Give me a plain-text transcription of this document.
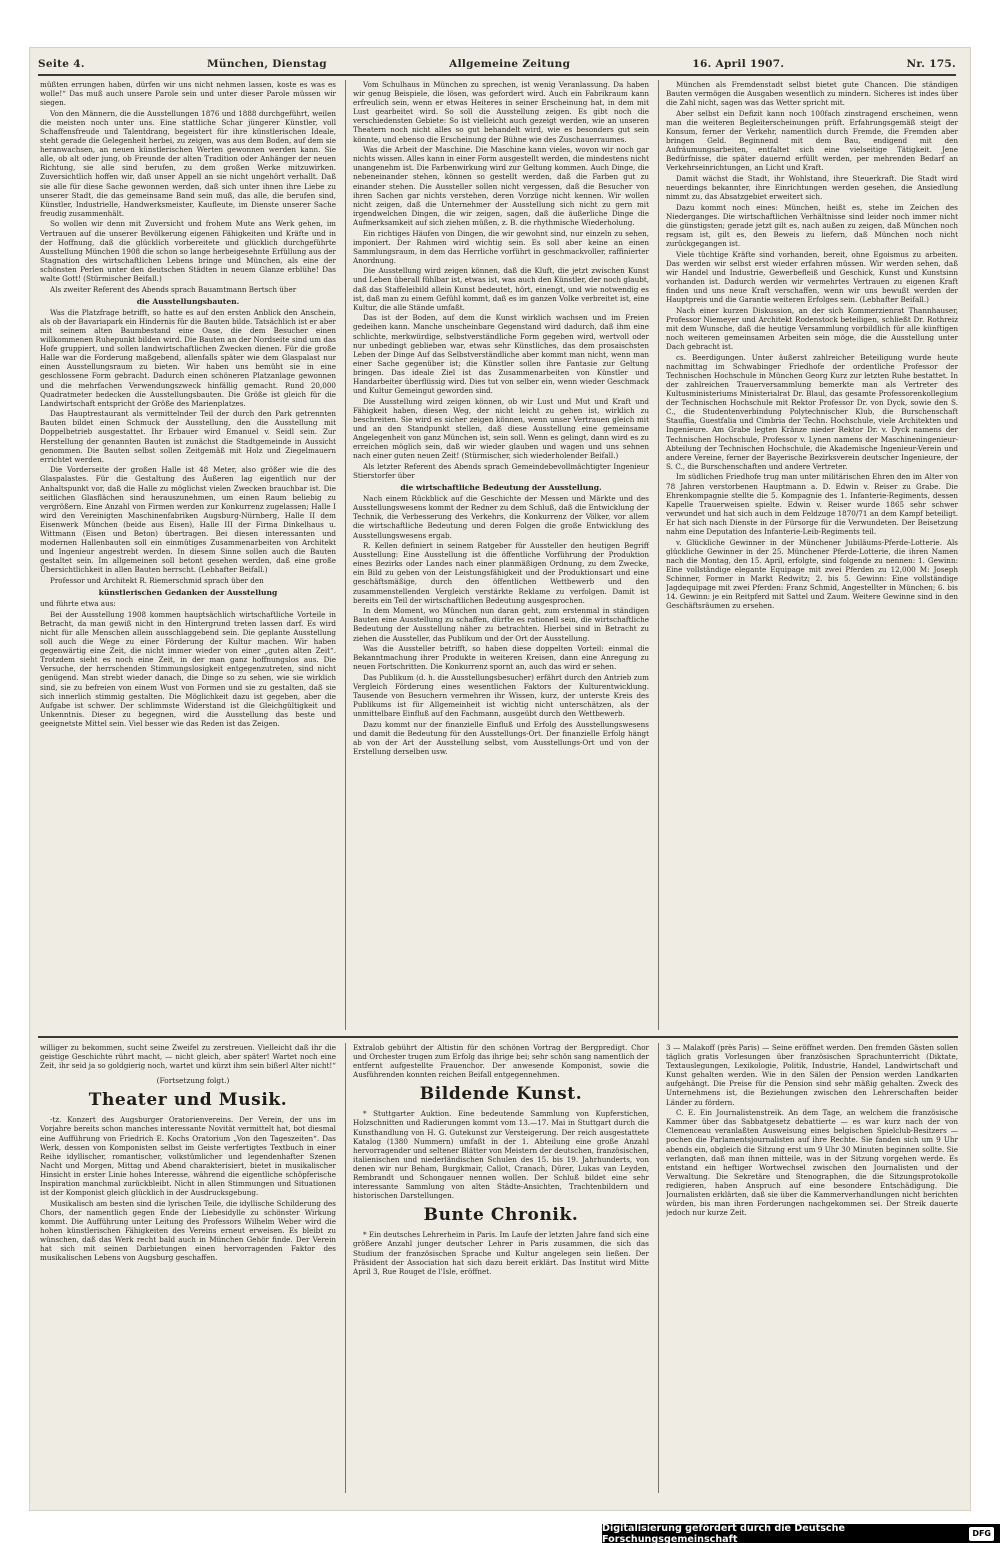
Seite 4.	München, Dienstag	Allgemeine Zeitung	16. April 1907.	Nr. 175.

müßten errungen haben, dürfen wir uns nicht nehmen lassen, koste es was es wolle!“ Das muß auch unsere Parole sein und unter dieser Parole müssen wir siegen.

Von den Männern, die die Ausstellungen 1876 und 1888 durchgeführt, weilen die meisten noch unter uns. Eine stattliche Schar jüngerer Künstler, voll Schaffensfreude und Talentdrang, begeistert für ihre künstlerischen Ideale, steht gerade die Gelegenheit herbei, zu zeigen, was aus dem Boden, auf dem sie heranwachsen, an neuen künstlerischen Werten gewonnen werden kann. Sie alle, ob alt oder jung, ob Freunde der alten Tradition oder Anhänger der neuen Richtung, sie alle sind berufen, zu dem großen Werke mitzuwirken. Zuversichtlich hoffen wir, daß unser Appell an sie nicht ungehört verhallt. Daß sie alle für diese Sache gewonnen werden, daß sich unter ihnen ihre Liebe zu unserer Stadt, die das gemeinsame Band sein muß, das alle, die berufen sind, Künstler, Industrielle, Handwerksmeister, Kaufleute, im Dienste unserer Sache freudig zusammenhält.

So wollen wir denn mit Zuversicht und frohem Mute ans Werk gehen, im Vertrauen auf die unserer Bevölkerung eigenen Fähigkeiten und Kräfte und in der Hoffnung, daß die glücklich vorbereitete und glücklich durchgeführte Ausstellung München 1908 die schon so lange herbeigesehnte Erfüllung aus der Stagnation des wirtschaftlichen Lebens bringe und München, als eine der schönsten Perlen unter den deutschen Städten in neuem Glanze erblühe! Das walte Gott! (Stürmischer Beifall.)

Als zweiter Referent des Abends sprach Bauamtmann Bertsch über

die Ausstellungsbauten.

Was die Platzfrage betrifft, so hatte es auf den ersten Anblick den Anschein, als ob der Bavariapark ein Hindernis für die Bauten bilde. Tatsächlich ist er aber mit seinem alten Baumbestand eine Oase, die dem Besucher einen willkommenen Ruhepunkt bilden wird. Die Bauten an der Nordseite sind um das Hofe gruppiert, und sollen landwirtschaftlichen Zwecken dienen. Für die große Halle war die Forderung maßgebend, allenfalls später wie dem Glaspalast nur einen Ausstellungsraum zu bieten. Wir haben uns bemüht sie in eine geschlossene Form gebracht. Dadurch einen schöneren Platzanlage gewonnen und die mehrfachen Verwendungszweck hinfällig gemacht. Rund 20,000 Quadratmeter bedecken die Ausstellungsbauten. Die Größe ist gleich für die Landwirtschaft entspricht der Größe des Marienplatzes.

Das Hauptrestaurant als vermittelnder Teil der durch den Park getrennten Bauten bildet einen Schmuck der Ausstellung, den die Ausstellung mit Doppelbetrieb ausgestattet. Ihr Erbauer wird Emanuel v. Seidl sein. Zur Herstellung der genannten Bauten ist zunächst die Stadtgemeinde in Aussicht genommen. Die Bauten selbst sollen Zeitgemäß mit Holz und Ziegelmauern errichtet werden.

Die Vorderseite der großen Halle ist 48 Meter, also größer wie die des Glaspalastes. Für die Gestaltung des Äußeren lag eigentlich nur der Anhaltspunkt vor, daß die Halle zu möglichst vielen Zwecken brauchbar ist. Die seitlichen Glasflächen sind herauszunehmen, um einen Raum beliebig zu vergrößern. Eine Anzahl von Firmen werden zur Konkurrenz zugelassen; Halle I wird den Vereinigten Maschinenfabriken Augsburg-Nürnberg, Halle II dem Eisenwerk München (beide aus Eisen), Halle III der Firma Dinkelhaus u. Wittmann (Eisen und Beton) übertragen. Bei diesen interessanten und modernen Hallenbauten soll ein einmütiges Zusammenarbeiten von Architekt und Ingenieur angestrebt werden. In diesem Sinne sollen auch die Bauten gestaltet sein. Im allgemeinen soll betont gesehen werden, daß eine große Übersichtlichkeit in allen Bauten herrscht. (Lebhafter Beifall.)

Professor und Architekt R. Riemerschmid sprach über den

künstlerischen Gedanken der Ausstellung

und führte etwa aus:

Bei der Ausstellung 1908 kommen hauptsächlich wirtschaftliche Vorteile in Betracht, da man gewiß nicht in den Hintergrund treten lassen darf. Es wird nicht für alle Menschen allein ausschlaggebend sein. Die geplante Ausstellung soll auch die Wege zu einer Förderung der Kultur machen. Wir haben gegenwärtig eine Zeit, die nicht immer wieder von einer „guten alten Zeit“. Trotzdem sieht es noch eine Zeit, in der man ganz hoffnungslos aus. Die Versuche, der herrschenden Stimmungslosigkeit entgegenzutreten, sind nicht genügend. Man strebt wieder danach, die Dinge so zu sehen, wie sie wirklich sind, sie zu befreien von einem Wust von Formen und sie zu gestalten, daß sie sich innerlich stimmig gestalten. Die Möglichkeit dazu ist gegeben, aber die Aufgabe ist schwer. Der schlimmste Widerstand ist die Gleichgültigkeit und Unkenntnis. Dieser zu begegnen, wird die Ausstellung das beste und geeignetste Mittel sein. Viel besser wie das Reden ist das Zeigen.

Vom Schulhaus in München zu sprechen, ist wenig Veranlassung. Da haben wir genug Beispiele, die lösen, was gefordert wird. Auch ein Fabrikraum kann erfreulich sein, wenn er etwas Heiteres in seiner Erscheinung hat, in dem mit Lust gearbeitet wird. So soll die Ausstellung zeigen. Es gibt noch die verschiedensten Gebiete: So ist vielleicht auch gezeigt werden, wie an unseren Theatern noch nicht alles so gut behandelt wird, wie es besonders gut sein könnte, und ebenso die Erscheinung der Bühne wie des Zuschauerraumes.

Was die Arbeit der Maschine. Die Maschine kann vieles, wovon wir noch gar nichts wissen. Alles kann in einer Form ausgestellt werden, die mindestens nicht unangenehm ist. Die Farbenwirkung wird zur Geltung kommen. Auch Dinge, die nebeneinander stehen, können so gestellt werden, daß die Farben gut zu einander stehen. Die Aussteller sollen nicht vergessen, daß die Besucher von ihren Sachen gar nichts verstehen, deren Vorzüge nicht kennen. Wir wollen nicht zeigen, daß die Unternehmer der Ausstellung sich nicht zu gern mit irgendwelchen Dingen, die wir zeigen, sagen, daß die äußerliche Dinge die Aufmerksamkeit auf sich ziehen müßen, z. B. die rhythmische Wiederholung.

Ein richtiges Häufen von Dingen, die wir gewohnt sind, nur einzeln zu sehen, imponiert. Der Rahmen wird wichtig sein. Es soll aber keine an einen Sammlungsraum, in dem das Herrliche vorführt in geschmackvoller, raffinierter Anordnung.

Die Ausstellung wird zeigen können, daß die Kluft, die jetzt zwischen Kunst und Leben überall fühlbar ist, etwas ist, was auch den Künstler, der noch glaubt, daß das Staffeleibild allein Kunst bedeutet, hört, einengt, und wie notwendig es ist, daß man zu einem Gefühl kommt, daß es im ganzen Volke verbreitet ist, eine Kultur, die alle Stände umfaßt.

Das ist der Boden, auf dem die Kunst wirklich wachsen und im Freien gedeihen kann. Manche unscheinbare Gegenstand wird dadurch, daß ihm eine schlichte, merkwürdige, selbstverständliche Form gegeben wird, wertvoll oder nur unbedingt geblieben war, etwas sehr Künstliches, das dem prosaischsten Leben der Dinge Auf das Selbstverständliche aber kommt man nicht, wenn man einer Sache gegenüber ist; die Künstler sollen ihre Fantasie zur Geltung bringen. Das ideale Ziel ist das Zusammenarbeiten von Künstler und Handarbeiter überflüssig wird. Dies tut von selber ein, wenn wieder Geschmack und Kultur Gemeingut geworden sind.

Die Ausstellung wird zeigen können, ob wir Lust und Mut und Kraft und Fähigkeit haben, diesen Weg, der nicht leicht zu gehen ist, wirklich zu beschreiten. Sie wird es sicher zeigen können, wenn unser Vertrauen gleich mit und an den Standpunkt stellen, daß diese Ausstellung eine gemeinsame Angelegenheit von ganz München ist, sein soll. Wenn es gelingt, dann wird es zu erreichen möglich sein, daß wir wieder glauben und wagen und uns sehnen nach einer guten neuen Zeit! (Stürmischer, sich wiederholender Beifall.)

Als letzter Referent des Abends sprach Gemeindebevollmächtigter Ingenieur Stierstorfer über

die wirtschaftliche Bedeutung der Ausstellung.

Nach einem Rückblick auf die Geschichte der Messen und Märkte und des Ausstellungswesens kommt der Redner zu dem Schluß, daß die Entwicklung der Technik, die Verbesserung des Verkehrs, die Konkurrenz der Völker, vor allem die wirtschaftliche Bedeutung und deren Folgen die große Entwicklung des Ausstellungswesens ergab.

R. Kellen definiert in seinem Ratgeber für Aussteller den heutigen Begriff Ausstellung: Eine Ausstellung ist die öffentliche Vorführung der Produktion eines Bezirks oder Landes nach einer planmäßigen Ordnung, zu dem Zwecke, ein Bild zu geben von der Leistungsfähigkeit und der Produktionsart und eine geschäftsmäßige, durch den öffentlichen Wettbewerb und den zusammenstellenden Vergleich verstärkte Reklame zu verfolgen. Damit ist bereits ein Teil der wirtschaftlichen Bedeutung ausgesprochen.

In dem Moment, wo München nun daran geht, zum erstenmal in ständigen Bauten eine Ausstellung zu schaffen, dürfte es rationell sein, die wirtschaftliche Bedeutung der Ausstellung näher zu betrachten. Hierbei sind in Betracht zu ziehen die Aussteller, das Publikum und der Ort der Ausstellung.

Was die Aussteller betrifft, so haben diese doppelten Vorteil: einmal die Bekanntmachung ihrer Produkte in weiteren Kreisen, dann eine Anregung zu neuen Fortschritten. Die Konkurrenz spornt an, auch das wird er sehen.

Das Publikum (d. h. die Ausstellungsbesucher) erfährt durch den Antrieb zum Vergleich Förderung eines wesentlichen Faktors der Kulturentwicklung. Tausende von Besuchern vermehren ihr Wissen, kurz, der unterste Kreis des Publikums ist für Allgemeinheit ist wichtig nicht unterschätzen, als der unmittelbare Einfluß auf den Fachmann, ausgeübt durch den Wettbewerb.

Dazu kommt nur der finanzielle Einfluß und Erfolg des Ausstellungswesens und damit die Bedeutung für den Ausstellungs-Ort. Der finanzielle Erfolg hängt ab von der Art der Ausstellung selbst, vom Ausstellungs-Ort und von der Erstellung derselben usw.

München als Fremdenstadt selbst bietet gute Chancen. Die ständigen Bauten vermögen die Ausgaben wesentlich zu mindern. Sicheres ist indes über die Zahl nicht, sagen was das Wetter spricht mit.

Aber selbst ein Defizit kann noch 100fach zinstragend erscheinen, wenn man die weiteren Begleiterscheinungen prüft. Erfahrungsgemäß steigt der Konsum, ferner der Verkehr, namentlich durch Fremde, die Fremden aber bringen Geld. Beginnend mit dem Bau, endigend mit den Aufräumungsarbeiten, entfaltet sich eine vielseitige Tätigkeit. Jene Bedürfnisse, die später dauernd erfüllt werden, per mehrenden Bedarf an Verkehrseinrichtungen, an Licht und Kraft.

Damit wächst die Stadt, ihr Wohlstand, ihre Steuerkraft. Die Stadt wird neuerdings bekannter, ihre Einrichtungen werden gesehen, die Ansiedlung nimmt zu, das Absatzgebiet erweitert sich.

Dazu kommt noch eines: München, heißt es, stehe im Zeichen des Niederganges. Die wirtschaftlichen Verhältnisse sind leider noch immer nicht die günstigsten; gerade jetzt gilt es, nach außen zu zeigen, daß München noch regsam ist, gilt es, den Beweis zu liefern, daß München noch nicht zurückgegangen ist.

Viele tüchtige Kräfte sind vorhanden, bereit, ohne Egoismus zu arbeiten. Das werden wir selbst erst wieder erfahren müssen. Wir werden sehen, daß wir Handel und Industrie, Gewerbefleiß und Geschick, Kunst und Kunstsinn vorhanden ist. Dadurch werden wir vermehrtes Vertrauen zu eigenen Kraft finden und uns neue Kraft verschaffen, wenn wir uns bewußt werden der Hauptpreis und die Garantie weiteren Erfolges sein. (Lebhafter Beifall.)

Nach einer kurzen Diskussion, an der sich Kommerzienrat Thannhauser, Professor Niemeyer und Architekt Rodenstock beteiligen, schließt Dr. Rothreiz mit dem Wunsche, daß die heutige Versammlung vorbildlich für alle künftigen noch weiteren gemeinsamen Arbeiten sein möge, die die Ausstellung unter Dach gebracht ist.

cs. Beerdigungen. Unter äußerst zahlreicher Beteiligung wurde heute nachmittag im Schwabinger Friedhofe der ordentliche Professor der Technischen Hochschule in München Georg Kurz zur letzten Ruhe bestattet. In der zahlreichen Trauerversammlung bemerkte man als Vertreter des Kultusministeriums Ministerialrat Dr. Blaul, das gesamte Professorenkollegium der Technischen Hochschule mit Rektor Professor Dr. von Dyck, sowie den S. C., die Studentenverbindung Polytechnischer Klub, die Burschenschaft Stauffia, Guestfalia und Cimbria der Techn. Hochschule, viele Architekten und Ingenieure. Am Grabe legten Kränze nieder Rektor Dr. v. Dyck namens der Technischen Hochschule, Professor v. Lynen namens der Maschineningenieur-Abteilung der Technischen Hochschule, die Akademische Ingenieur-Verein und andere Vereine, ferner der Bayerische Bezirksverein deutscher Ingenieure, der S. C., die Burschenschaften und andere Vertreter.

Im südlichen Friedhofe trug man unter militärischen Ehren den im Alter von 78 Jahren verstorbenen Hauptmann a. D. Edwin v. Reiser zu Grabe. Die Ehrenkompagnie stellte die 5. Kompagnie des 1. Infanterie-Regiments, dessen Kapelle Trauerweisen spielte. Edwin v. Reiser wurde 1865 sehr schwer verwundet und hat sich auch in dem Feldzuge 1870/71 an dem Kampf beteiligt. Er hat sich nach Dienste in der Fürsorge für die Verwundeten. Der Beisetzung nahm eine Deputation des Infanterie-Leib-Regiments teil.

v. Glückliche Gewinner in der Münchener Jubiläums-Pferde-Lotterie. Als glückliche Gewinner in der 25. Münchener Pferde-Lotterie, die ihren Namen nach die Montag, den 15. April, erfolgte, sind folgende zu nennen: 1. Gewinn: Eine vollständige elegante Equipage mit zwei Pferden zu 12,000 M: Joseph Schinner, Former in Markt Redwitz; 2. bis 5. Gewinn: Eine vollständige Jagdequipage mit zwei Pferden: Franz Schmid, Angestellter in München; 6. bis 14. Gewinn: je ein Reitpferd mit Sattel und Zaum. Weitere Gewinne sind in den Geschäftsräumen zu ersehen.

williger zu bekommen, sucht seine Zweifel zu zerstreuen. Vielleicht daß ihr die geistige Geschichte rührt macht, — nicht gleich, aber später! Wartet noch eine Zeit, ihr seid ja so goldgierig noch, wartet und kürzt ihm sein bißerl Alter nicht!“

(Fortsetzung folgt.)

Theater und Musik.

-tz. Konzert des Augsburger Oratorienvereins. Der Verein, der uns im Vorjahre bereits schon manches interessante Novität vermittelt hat, bot diesmal eine Aufführung von Friedrich E. Kochs Oratorium „Von den Tageszeiten“. Das Werk, dessen von Komponisten selbst im Geiste verfertigtes Textbuch in einer Reihe idyllischer, romantischer, volkstümlicher und legendenhafter Szenen Nacht und Morgen, Mittag und Abend charakterisiert, bietet in musikalischer Hinsicht in erster Linie hohes Interesse, während die eigentliche schöpferische Inspiration manchmal zurückbleibt. Nicht in allen Stimmungen und Situationen ist der Komponist gleich glücklich in der Ausdrucksgebung.

Musikalisch am besten sind die lyrischen Teile, die idyllische Schilderung des Chors, der namentlich gegen Ende der Liebesidylle zu schönster Wirkung kommt. Die Aufführung unter Leitung des Professors Wilhelm Weber wird die hohen künstlerischen Fähigkeiten des Vereins erneut erweisen. Es bleibt zu wünschen, daß das Werk recht bald auch in München Gehör finde. Der Verein hat sich mit seinen Darbietungen einen hervorragenden Faktor des musikalischen Lebens von Augsburg geschaffen.

Extralob gebührt der Altistin für den schönen Vortrag der Bergpredigt. Chor und Orchester trugen zum Erfolg das ihrige bei; sehr schön sang namentlich der entfernt aufgestellte Frauenchor. Der anwesende Komponist, sowie die Ausführenden konnten reichen Beifall entgegennehmen.

Bildende Kunst.

* Stuttgarter Auktion. Eine bedeutende Sammlung von Kupferstichen, Holzschnitten und Radierungen kommt vom 13.—17. Mai in Stuttgart durch die Kunsthandlung von H. G. Gutekunst zur Versteigerung. Der reich ausgestattete Katalog (1380 Nummern) umfaßt in der 1. Abteilung eine große Anzahl hervorragender und seltener Blätter von Meistern der deutschen, französischen, italienischen und niederländischen Schulen des 15. bis 19. Jahrhunderts, von denen wir nur Beham, Burgkmair, Callot, Cranach, Dürer, Lukas van Leyden, Rembrandt und Schongauer nennen wollen. Der Schluß bildet eine sehr interessante Sammlung von alten Städte-Ansichten, Trachtenbildern und historischen Darstellungen.

Bunte Chronik.

* Ein deutsches Lehrerheim in Paris. Im Laufe der letzten Jahre fand sich eine größere Anzahl junger deutscher Lehrer in Paris zusammen, die sich das Studium der französischen Sprache und Kultur angelegen sein ließen. Der Präsident der Association hat sich dazu bereit erklärt. Das Institut wird Mitte April 3, Rue Rouget de l'Isle, eröffnet.

3 — Malakoff (près Paris) — Seine eröffnet werden. Den fremden Gästen sollen täglich gratis Vorlesungen über französischen Sprachunterricht (Diktate, Textauslegungen, Lexikologie, Politik, Industrie, Handel, Landwirtschaft und Kunst gehalten werden. Wie in den Sälen der Pension werden Landkarten aufgehängt. Die Preise für die Pension sind sehr mäßig gehalten. Zweck des Unternehmens ist, die Beziehungen zwischen den Lehrerschaften beider Länder zu fördern.

C. E. Ein Journalistenstreik. An dem Tage, an welchem die französische Kammer über das Sabbatgesetz debattierte — es war kurz nach der von Clemenceau veranlaßten Ausweisung eines belgischen Spielclub-Besitzers — pochen die Parlamentsjournalisten auf ihre Rechte. Sie fanden sich um 9 Uhr abends ein, obgleich die Sitzung erst um 9 Uhr 30 Minuten beginnen sollte. Sie verlangten, daß man ihnen mitteile, was in der Sitzung vorgehen werde. Es entstand ein heftiger Wortwechsel zwischen den Journalisten und der Verwaltung. Die Sekretäre und Stenographen, die die Sitzungsprotokolle redigieren, haben Anspruch auf eine besondere Entschädigung. Die Journalisten erklärten, daß sie über die Kammerverhandlungen nicht berichten würden, bis man ihren Forderungen nachgekommen sei. Der Streik dauerte jedoch nur kurze Zeit.

Digitalisierung gefördert durch die Deutsche Forschungsgemeinschaft	DFG
